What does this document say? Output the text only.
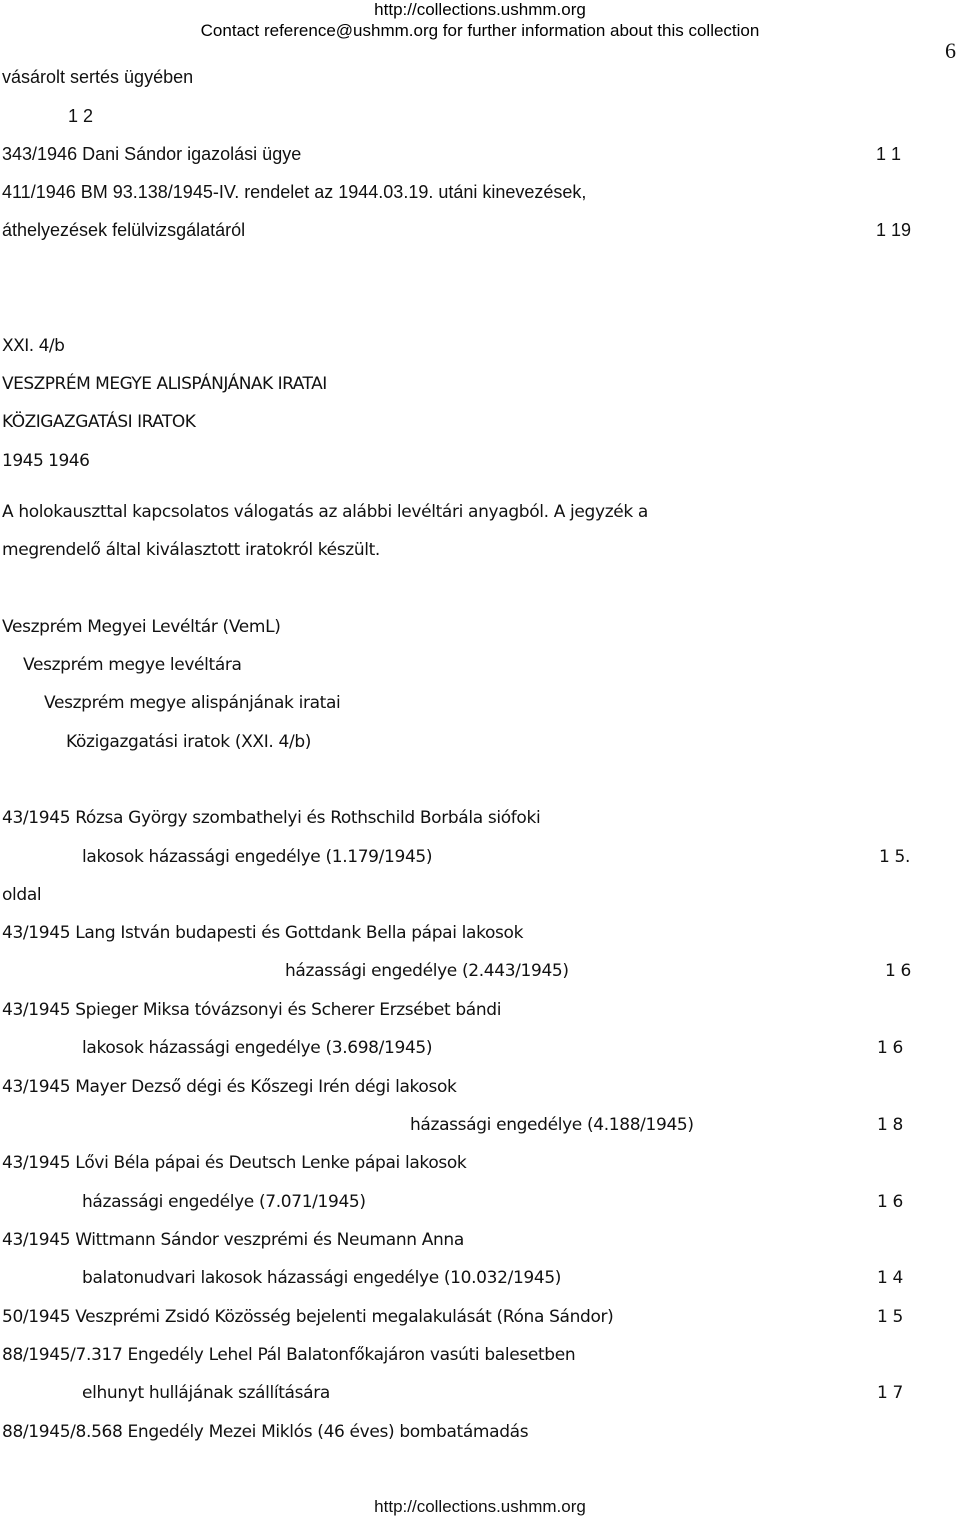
http://collections.ushmm.org
Contact reference@ushmm.org for further information about this collection
6
vásárolt sertés ügyében
1 2
343/1946 Dani Sándor igazolási ügye	1 1
411/1946 BM 93.138/1945-IV. rendelet az 1944.03.19. utáni kinevezések,
áthelyezések felülvizsgálatáról	1 19
XXI. 4/b
VESZPRÉM MEGYE ALISPÁNJÁNAK IRATAI
KÖZIGAZGATÁSI IRATOK
1945 1946
A holokauszttal kapcsolatos válogatás az alábbi levéltári anyagból. A jegyzék a
megrendelő által kiválasztott iratokról készült.
Veszprém Megyei Levéltár (VemL)
Veszprém megye levéltára
Veszprém megye alispánjának iratai
Közigazgatási iratok (XXI. 4/b)
43/1945 Rózsa György szombathelyi és Rothschild Borbála siófoki
lakosok házassági engedélye (1.179/1945)	1 5.
oldal
43/1945 Lang István budapesti és Gottdank Bella pápai lakosok
házassági engedélye (2.443/1945)	1 6
43/1945 Spieger Miksa tóvázsonyi és Scherer Erzsébet bándi
lakosok házassági engedélye (3.698/1945)	1 6
43/1945 Mayer Dezső dégi és Kőszegi Irén dégi lakosok
házassági engedélye (4.188/1945)	1 8
43/1945 Lővi Béla pápai és Deutsch Lenke pápai lakosok
házassági engedélye (7.071/1945)	1 6
43/1945 Wittmann Sándor veszprémi és Neumann Anna
balatonudvari lakosok házassági engedélye (10.032/1945)	1 4
50/1945 Veszprémi Zsidó Közösség bejelenti megalakulását (Róna Sándor)	1 5
88/1945/7.317 Engedély Lehel Pál Balatonfőkajáron vasúti balesetben
elhunyt hullájának szállítására	1 7
88/1945/8.568 Engedély Mezei Miklós (46 éves) bombatámadás
http://collections.ushmm.org
